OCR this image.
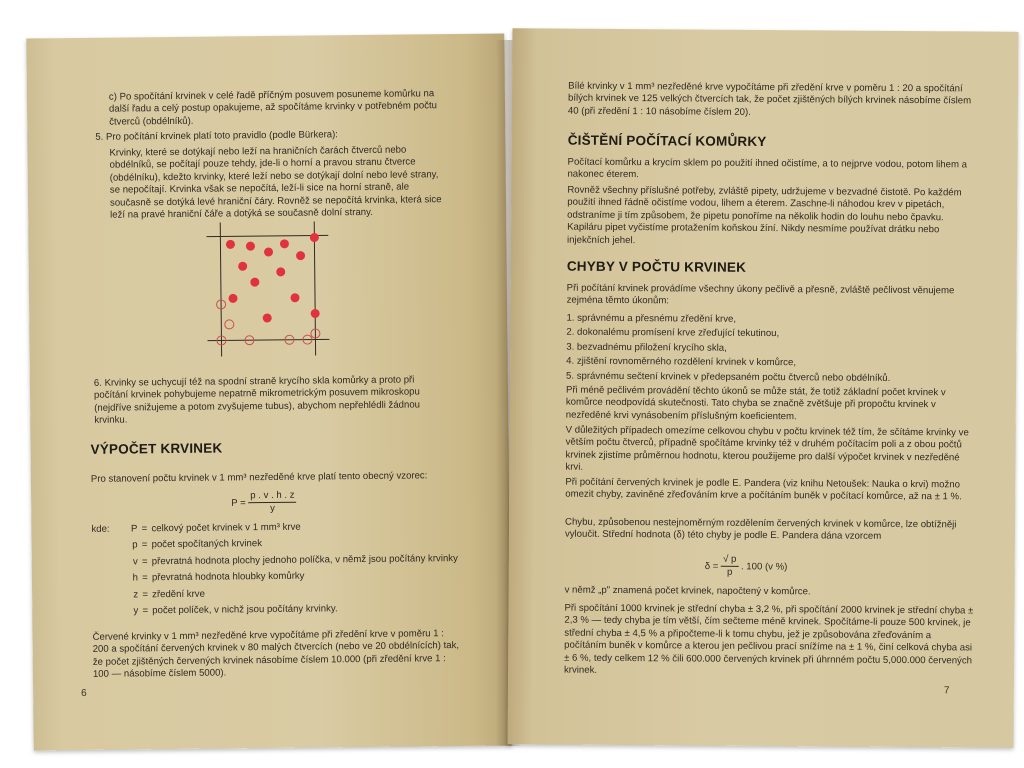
c) Po spočítání krvinek v celé řadě příčným posuvem posuneme komůrku na další řadu a celý postup opakujeme, až spočítáme krvinky v potřebném počtu čtverců (obdélníků).

5. Pro počítání krvinek platí toto pravidlo (podle Bürkera):

Krvinky, které se dotýkají nebo leží na hraničních čarách čtverců nebo obdélníků, se počítají pouze tehdy, jde-li o horní a pravou stranu čtverce (obdélníku), kdežto krvinky, které leží nebo se dotýkají dolní nebo levé strany, se nepočítají. Krvinka však se nepočítá, leží-li sice na horní straně, ale současně se dotýká levé hraniční čáry. Rovněž se nepočítá krvinka, která sice leží na pravé hraniční čáře a dotýká se současně dolní strany.

6. Krvinky se uchycují též na spodní straně krycího skla komůrky a proto při počítání krvinek pohybujeme nepatrně mikrometrickým posuvem mikroskopu (nejdříve snižujeme a potom zvyšujeme tubus), abychom nepřehlédli žádnou krvinku.

VÝPOČET KRVINEK

Pro stanovení počtu krvinek v 1 mm³ nezředěné krve platí tento obecný vzorec:

$P = \frac{p . v . h . z}{y}$
kde:	P = celkový počet krvinek v 1 mm³ krve
p = počet spočítaných krvinek
v = převratná hodnota plochy jednoho políčka, v němž jsou počítány krvinky
h = převratná hodnota hloubky komůrky
z = zředění krve
y = počet políček, v nichž jsou počítány krvinky.

Červené krvinky v 1 mm³ nezředěné krve vypočítáme při zředění krve v poměru 1 : 200 a spočítání červených krvinek v 80 malých čtvercích (nebo ve 20 obdélnících) tak, že počet zjištěných červených krvinek násobíme číslem 10.000 (při zředění krve 1 : 100 — násobíme číslem 5000).

6

Bílé krvinky v 1 mm³ nezředěné krve vypočítáme při zředění krve v poměru 1 : 20 a spočítání bílých krvinek ve 125 velkých čtvercích tak, že počet zjištěných bílých krvinek násobíme číslem 40 (při zředění 1 : 10 násobíme číslem 20).

ČIŠTĚNÍ POČÍTACÍ KOMŮRKY

Počítací komůrku a krycím sklem po použití ihned očistíme, a to nejprve vodou, potom lihem a nakonec éterem.

Rovněž všechny příslušné potřeby, zvláště pipety, udržujeme v bezvadné čistotě. Po každém použití ihned řádně očistíme vodou, lihem a éterem. Zaschne-li náhodou krev v pipetách, odstraníme ji tím způsobem, že pipetu ponoříme na několik hodin do louhu nebo čpavku. Kapiláru pipet vyčistíme protažením koňskou žíní. Nikdy nesmíme používat drátku nebo injekčních jehel.

CHYBY V POČTU KRVINEK

Při počítání krvinek provádíme všechny úkony pečlivě a přesně, zvláště pečlivost věnujeme zejména těmto úkonům:

1. správnému a přesnému zředění krve,
2. dokonalému promísení krve zřeďující tekutinou,
3. bezvadnému přiložení krycího skla,
4. zjištění rovnoměrného rozdělení krvinek v komůrce,
5. správnému sečtení krvinek v předepsaném počtu čtverců nebo obdélníků.

Při méně pečlivém provádění těchto úkonů se může stát, že totiž základní počet krvinek v komůrce neodpovídá skutečnosti. Tato chyba se značně zvětšuje při propočtu krvinek v nezředěné krvi vynásobením příslušným koeficientem.

V důležitých případech omezíme celkovou chybu v počtu krvinek též tím, že sčítáme krvinky ve větším počtu čtverců, případně spočítáme krvinky též v druhém počítacím poli a z obou počtů krvinek zjistíme průměrnou hodnotu, kterou použijeme pro další výpočet krvinek v nezředěné krvi.

Při počítání červených krvinek je podle E. Pandera (viz knihu Netoušek: Nauka o krvi) možno omezit chyby, zaviněné zřeďováním krve a počítáním buněk v počítací komůrce, až na ± 1 %.

Chybu, způsobenou nestejnoměrným rozdělením červených krvinek v komůrce, lze obtížněji vyloučit. Střední hodnota (δ) této chyby je podle E. Pandera dána vzorcem

$\delta = \frac{√ p}{p}$ . 100 (v %)

v němž „p" znamená počet krvinek, napočtený v komůrce.

Při spočítání 1000 krvinek je střední chyba ± 3,2 %, při spočítání 2000 krvinek je střední chyba ± 2,3 % — tedy chyba je tím větší, čím sečteme méně krvinek. Spočítáme-li pouze 500 krvinek, je střední chyba ± 4,5 % a připočteme-li k tomu chybu, jež je způsobována zřeďováním a počítáním buněk v komůrce a kterou jen pečlivou prací snížíme na ± 1 %, činí celková chyba asi ± 6 %, tedy celkem 12 % čili 600.000 červených krvinek při úhrnném počtu 5,000.000 červených krvinek.

7
